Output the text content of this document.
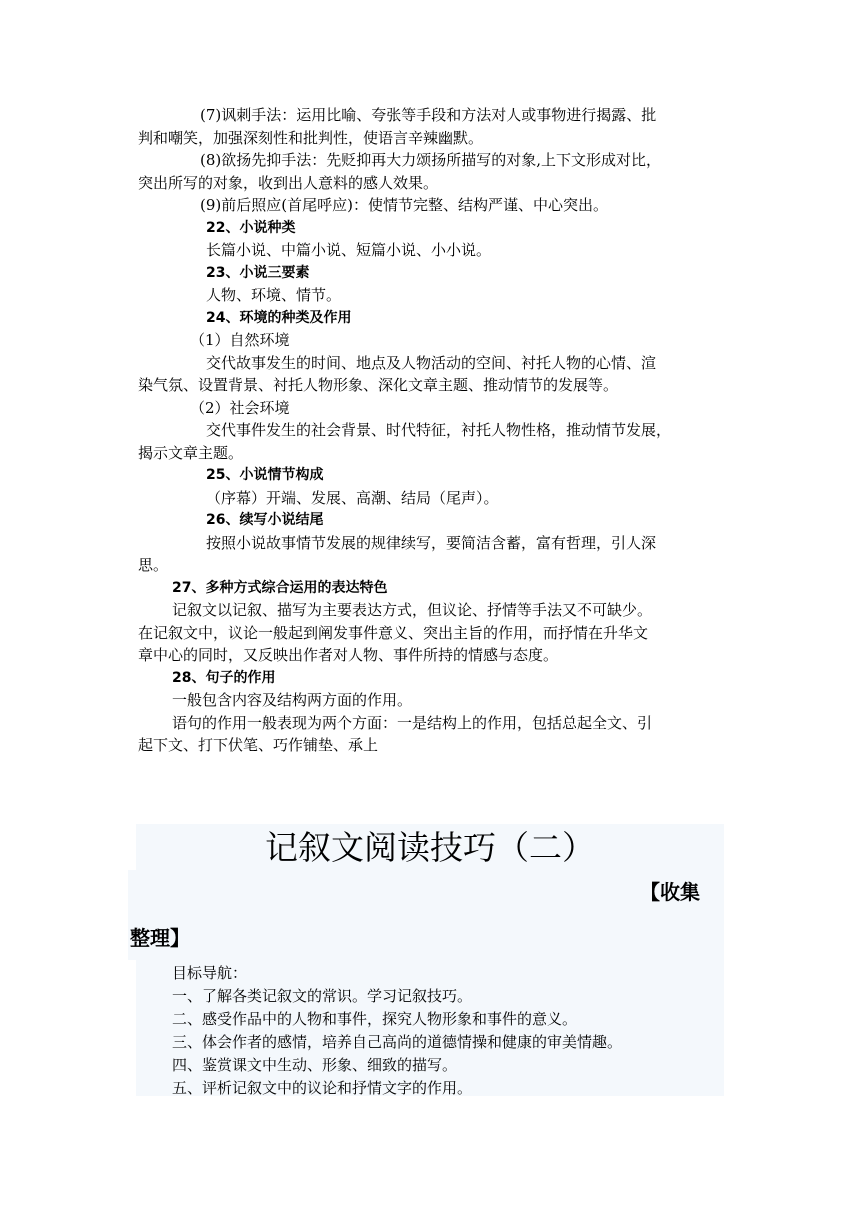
(7)讽刺手法：运用比喻、夸张等手段和方法对人或事物进行揭露、批
判和嘲笑，加强深刻性和批判性，使语言辛辣幽默。
(8)欲扬先抑手法：先贬抑再大力颂扬所描写的对象,上下文形成对比，
突出所写的对象，收到出人意料的感人效果。
(9)前后照应(首尾呼应)：使情节完整、结构严谨、中心突出。
22、小说种类
长篇小说、中篇小说、短篇小说、小小说。
23、小说三要素
人物、环境、情节。
24、环境的种类及作用
（1）自然环境
交代故事发生的时间、地点及人物活动的空间、衬托人物的心情、渲
染气氛、设置背景、衬托人物形象、深化文章主题、推动情节的发展等。
（2）社会环境
交代事件发生的社会背景、时代特征，衬托人物性格，推动情节发展，
揭示文章主题。
25、小说情节构成
（序幕）开端、发展、高潮、结局（尾声）。
26、续写小说结尾
按照小说故事情节发展的规律续写，要简洁含蓄，富有哲理，引人深
思。
27、多种方式综合运用的表达特色
记叙文以记叙、描写为主要表达方式，但议论、抒情等手法又不可缺少。
在记叙文中，议论一般起到阐发事件意义、突出主旨的作用，而抒情在升华文
章中心的同时，又反映出作者对人物、事件所持的情感与态度。
28、句子的作用
一般包含内容及结构两方面的作用。
语句的作用一般表现为两个方面：一是结构上的作用，包括总起全文、引
起下文、打下伏笔、巧作铺垫、承上
记叙文阅读技巧（二）
【收集
整理】
目标导航：
一、了解各类记叙文的常识。学习记叙技巧。
二、感受作品中的人物和事件，探究人物形象和事件的意义。
三、体会作者的感情，培养自己高尚的道德情操和健康的审美情趣。
四、鉴赏课文中生动、形象、细致的描写。
五、评析记叙文中的议论和抒情文字的作用。
